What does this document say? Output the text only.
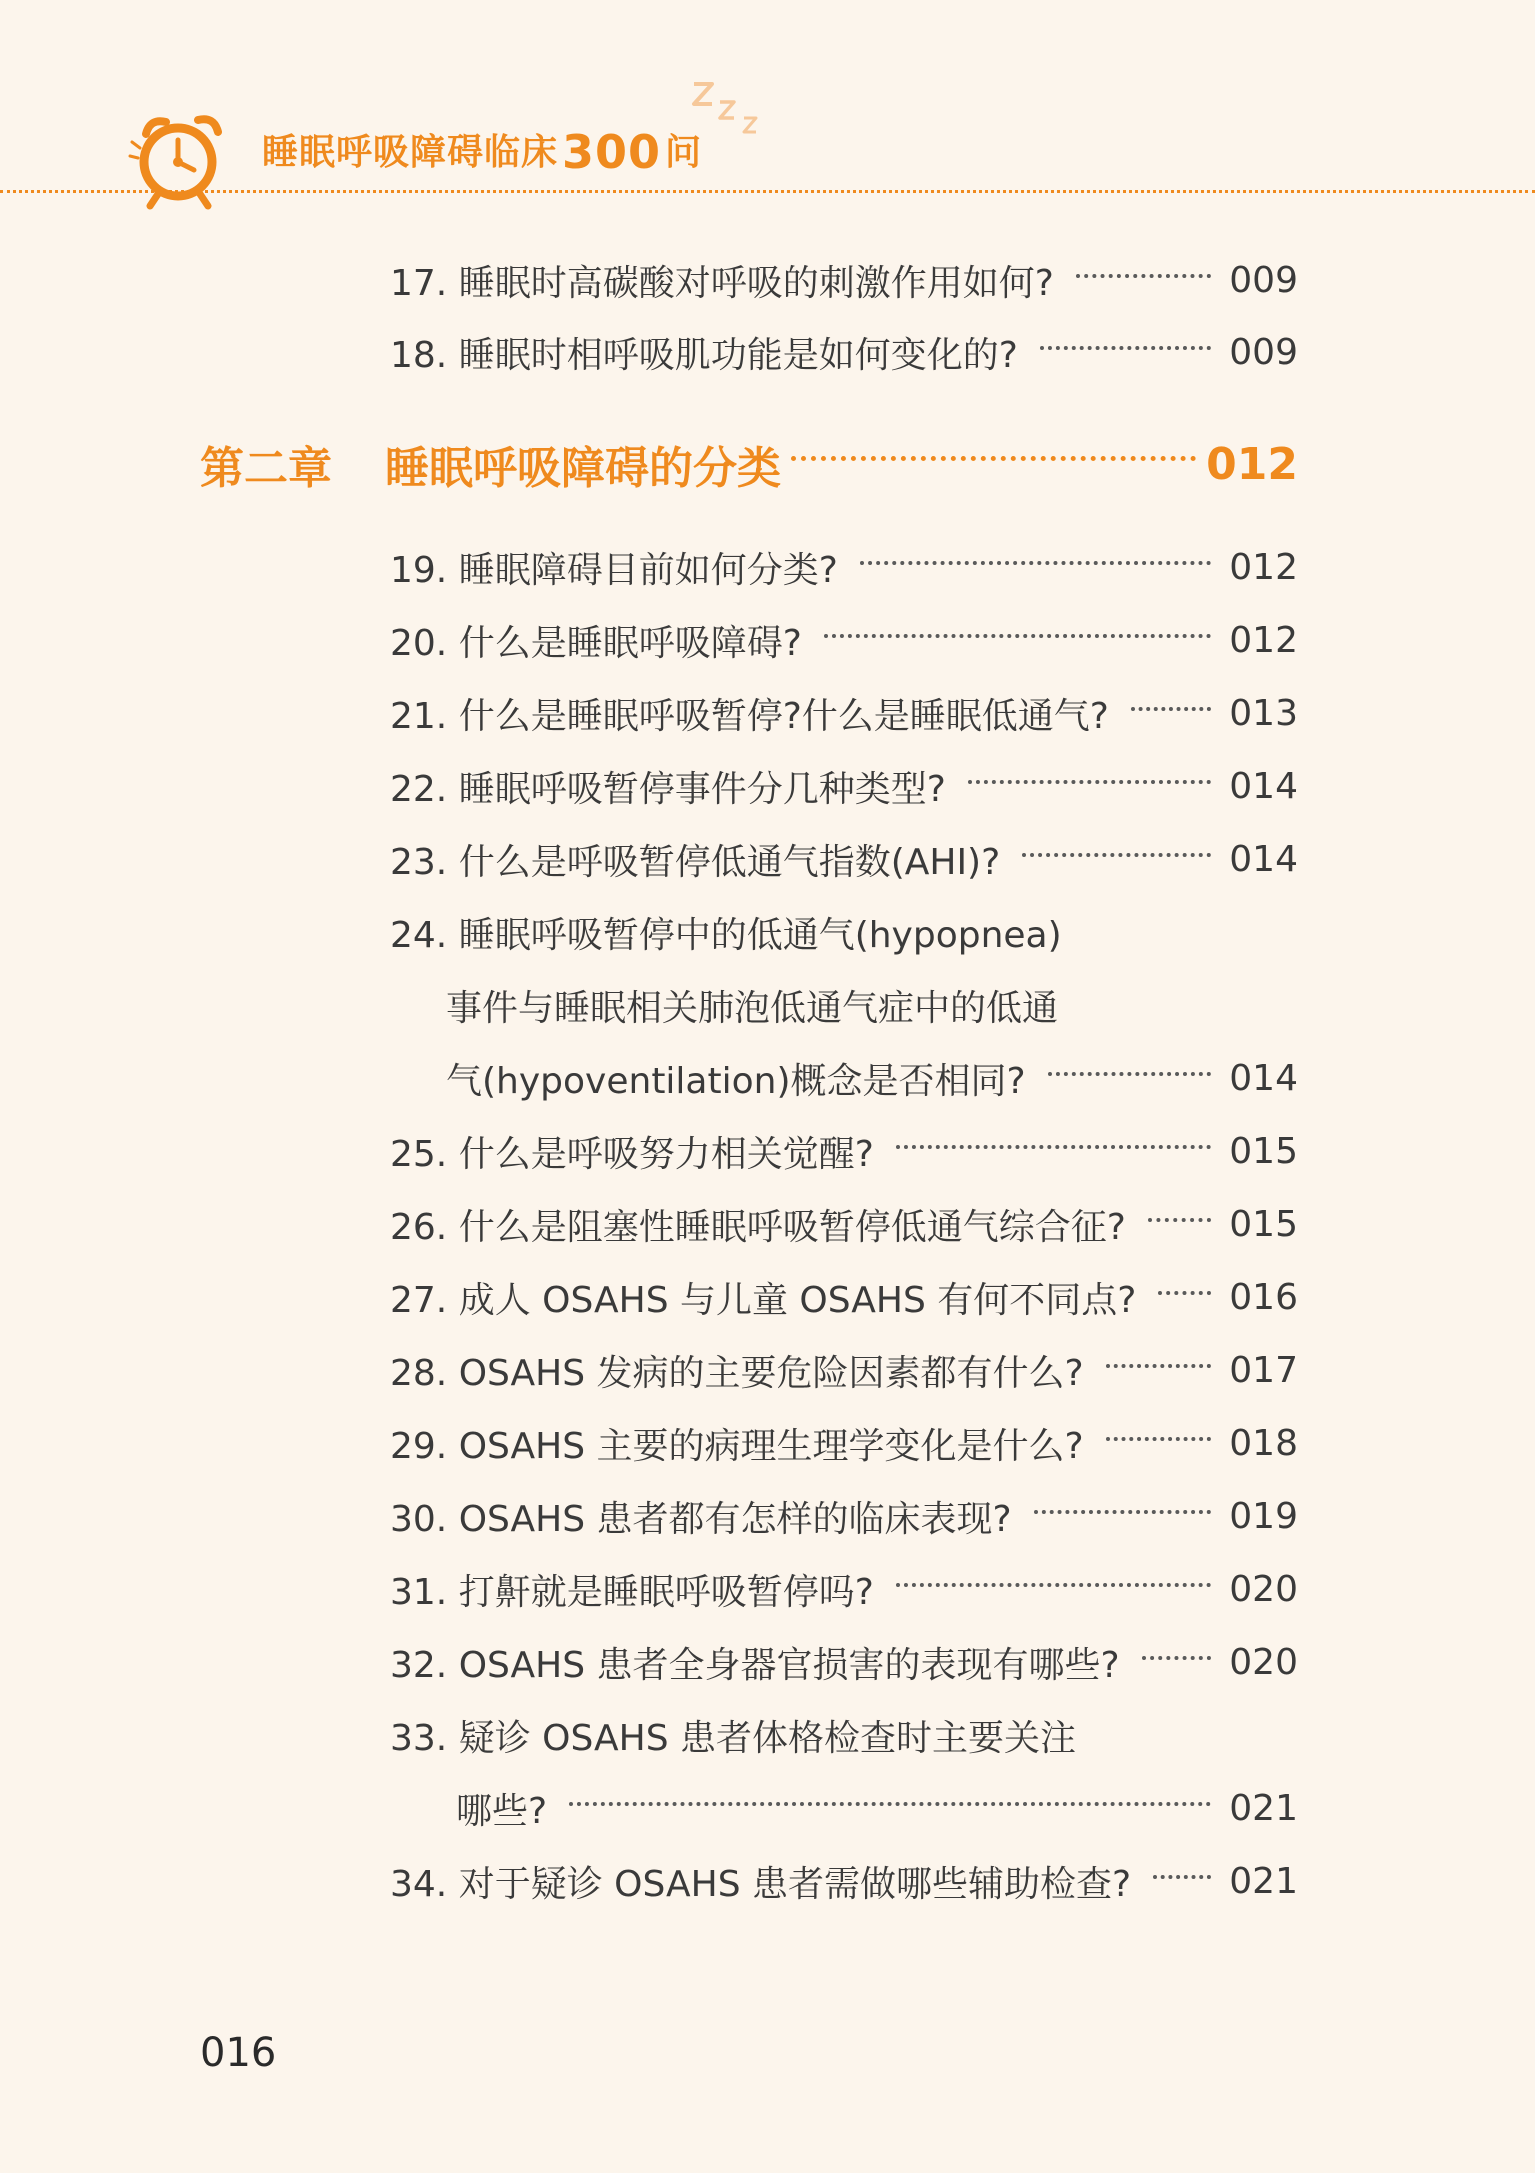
睡眠呼吸障碍临床300 问
17. 睡眠时高碳酸对呼吸的刺激作用如何?	009
18. 睡眠时相呼吸肌功能是如何变化的?	009
第二章	睡眠呼吸障碍的分类	012
19. 睡眠障碍目前如何分类?	012
20. 什么是睡眠呼吸障碍?	012
21. 什么是睡眠呼吸暂停?什么是睡眠低通气?	013
22. 睡眠呼吸暂停事件分几种类型?	014
23. 什么是呼吸暂停低通气指数(AHI)?	014
24. 睡眠呼吸暂停中的低通气(hypopnea)
事件与睡眠相关肺泡低通气症中的低通
气(hypoventilation)概念是否相同?	014
25. 什么是呼吸努力相关觉醒?	015
26. 什么是阻塞性睡眠呼吸暂停低通气综合征?	015
27. 成人 OSAHS 与儿童 OSAHS 有何不同点?	016
28. OSAHS 发病的主要危险因素都有什么?	017
29. OSAHS 主要的病理生理学变化是什么?	018
30. OSAHS 患者都有怎样的临床表现?	019
31. 打鼾就是睡眠呼吸暂停吗?	020
32. OSAHS 患者全身器官损害的表现有哪些?	020
33. 疑诊 OSAHS 患者体格检查时主要关注
哪些?	021
34. 对于疑诊 OSAHS 患者需做哪些辅助检查?	021
016
